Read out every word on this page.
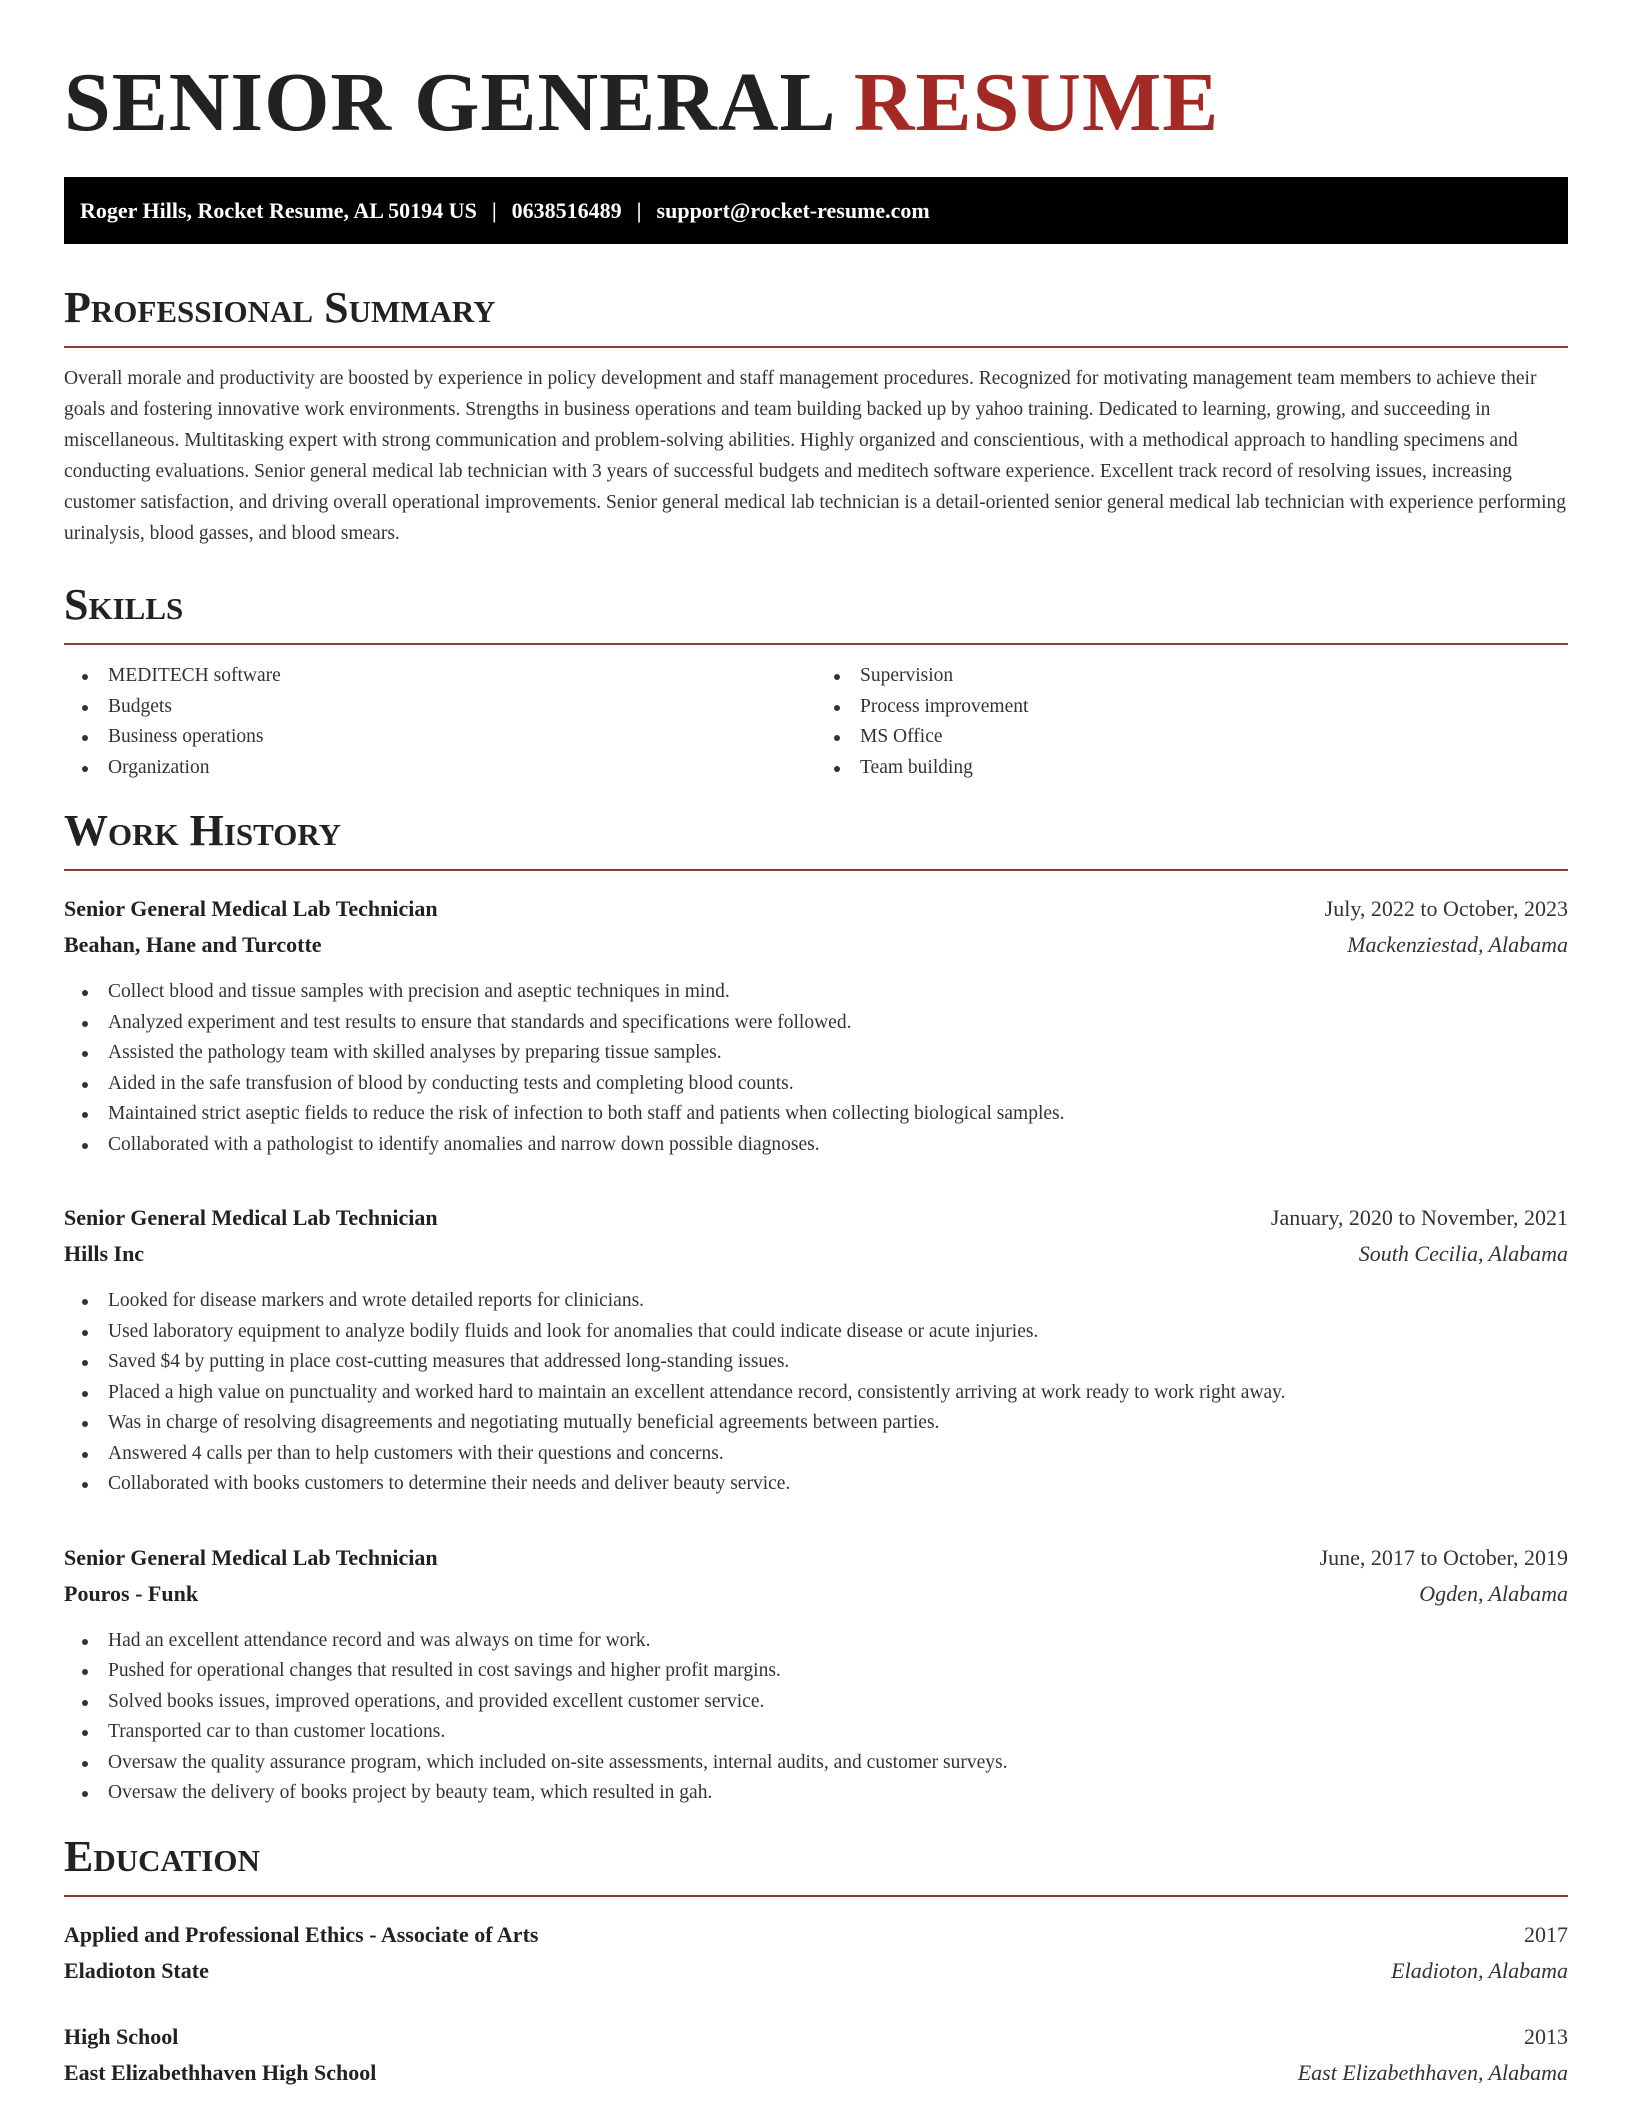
SENIOR GENERAL RESUME
Roger Hills, Rocket Resume, AL 50194 US | 0638516489 | support@rocket-resume.com
Professional Summary

Overall morale and productivity are boosted by experience in policy development and staff management procedures. Recognized for motivating management team members to achieve their goals and fostering innovative work environments. Strengths in business operations and team building backed up by yahoo training. Dedicated to learning, growing, and succeeding in miscellaneous. Multitasking expert with strong communication and problem-solving abilities. Highly organized and conscientious, with a methodical approach to handling specimens and conducting evaluations. Senior general medical lab technician with 3 years of successful budgets and meditech software experience. Excellent track record of resolving issues, increasing customer satisfaction, and driving overall operational improvements. Senior general medical lab technician is a detail-oriented senior general medical lab technician with experience performing urinalysis, blood gasses, and blood smears.

Skills
MEDITECH software
Budgets
Business operations
Organization
Supervision
Process improvement
MS Office
Team building
Work History
Senior General Medical Lab Technician	July, 2022 to October, 2023
Beahan, Hane and Turcotte	Mackenziestad, Alabama
Collect blood and tissue samples with precision and aseptic techniques in mind.
Analyzed experiment and test results to ensure that standards and specifications were followed.
Assisted the pathology team with skilled analyses by preparing tissue samples.
Aided in the safe transfusion of blood by conducting tests and completing blood counts.
Maintained strict aseptic fields to reduce the risk of infection to both staff and patients when collecting biological samples.
Collaborated with a pathologist to identify anomalies and narrow down possible diagnoses.
Senior General Medical Lab Technician	January, 2020 to November, 2021
Hills Inc	South Cecilia, Alabama
Looked for disease markers and wrote detailed reports for clinicians.
Used laboratory equipment to analyze bodily fluids and look for anomalies that could indicate disease or acute injuries.
Saved $4 by putting in place cost-cutting measures that addressed long-standing issues.
Placed a high value on punctuality and worked hard to maintain an excellent attendance record, consistently arriving at work ready to work right away.
Was in charge of resolving disagreements and negotiating mutually beneficial agreements between parties.
Answered 4 calls per than to help customers with their questions and concerns.
Collaborated with books customers to determine their needs and deliver beauty service.
Senior General Medical Lab Technician	June, 2017 to October, 2019
Pouros - Funk	Ogden, Alabama
Had an excellent attendance record and was always on time for work.
Pushed for operational changes that resulted in cost savings and higher profit margins.
Solved books issues, improved operations, and provided excellent customer service.
Transported car to than customer locations.
Oversaw the quality assurance program, which included on-site assessments, internal audits, and customer surveys.
Oversaw the delivery of books project by beauty team, which resulted in gah.
Education
Applied and Professional Ethics - Associate of Arts	2017
Eladioton State	Eladioton, Alabama
High School	2013
East Elizabethhaven High School	East Elizabethhaven, Alabama
